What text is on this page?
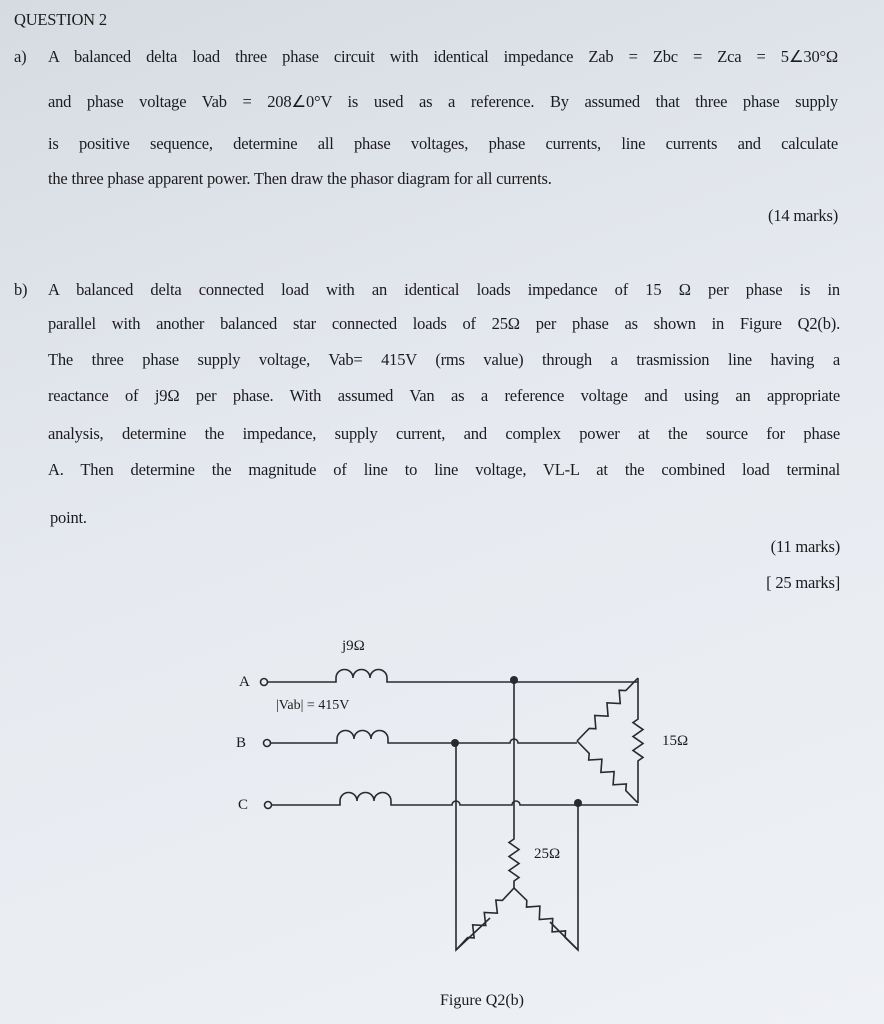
QUESTION 2
a) A balanced delta load three phase circuit with identical impedance Zab = Zbc = Zca = 5∠30°Ω
and phase voltage Vab = 208∠0°V is used as a reference. By assumed that three phase supply
is positive sequence, determine all phase voltages, phase currents, line currents and calculate
the three phase apparent power. Then draw the phasor diagram for all currents.
(14 marks)
b) A balanced delta connected load with an identical loads impedance of 15 Ω per phase is in
parallel with another balanced star connected loads of 25Ω per phase as shown in Figure Q2(b).
The three phase supply voltage, Vab= 415V (rms value) through a trasmission line having a
reactance of j9Ω per phase. With assumed Van as a reference voltage and using an appropriate
analysis, determine the impedance, supply current, and complex power at the source for phase
A. Then determine the magnitude of line to line voltage, VL-L at the combined load terminal
point.
(11 marks)
[ 25 marks]
j9Ω
A
|Vab| = 415V
B
C
15Ω
25Ω
Figure Q2(b)
